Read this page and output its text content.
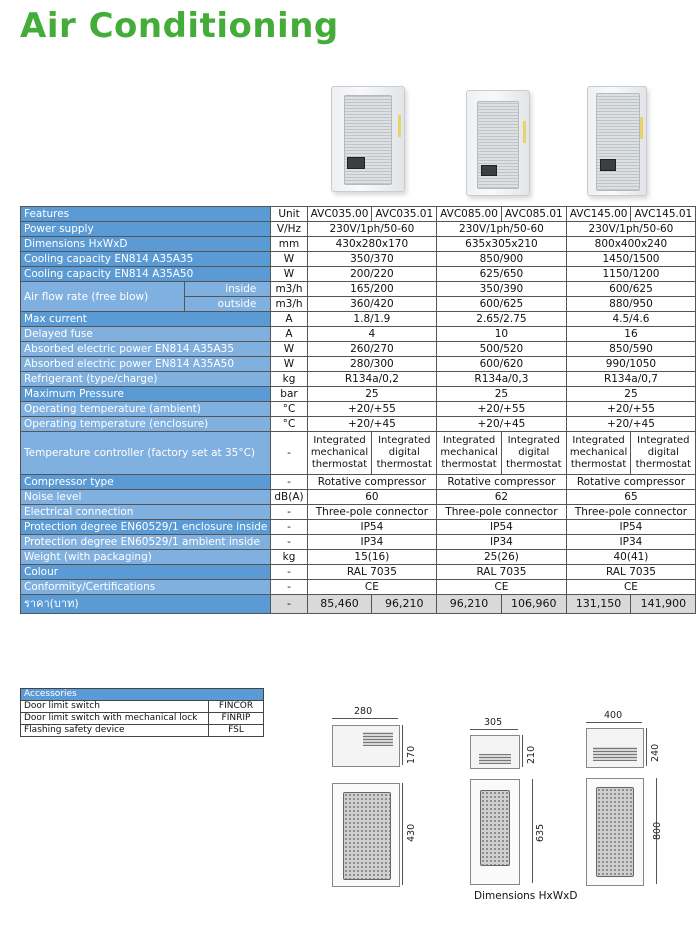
Air Conditioning
Features		Unit	AVC035.00	AVC035.01	AVC085.00	AVC085.01	AVC145.00	AVC145.01
Power supply		V/Hz	230V/1ph/50-60		230V/1ph/50-60		230V/1ph/50-60	
Dimensions HxWxD		mm	430x280x170		635x305x210		800x400x240	
Cooling capacity EN814 A35A35		W	350/370		850/900		1450/1500	
Cooling capacity EN814 A35A50		W	200/220		625/650		1150/1200	
Air flow rate (free blow)	inside	m3/h	165/200		350/390		600/625	
	outside	m3/h	360/420		600/625		880/950	
Max current		A	1.8/1.9		2.65/2.75		4.5/4.6	
Delayed fuse		A	4		10		16	
Absorbed electric power EN814 A35A35		W	260/270		500/520		850/590	
Absorbed electric power EN814 A35A50		W	280/300		600/620		990/1050	
Refrigerant (type/charge)		kg	R134a/0,2		R134a/0,3		R134a/0,7	
Maximum Pressure		bar	25		25		25	
Operating temperature (ambient)		°C	+20/+55		+20/+55		+20/+55	
Operating temperature (enclosure)		°C	+20/+45		+20/+45		+20/+45	
Temperature controller (factory set at 35°C)		-	Integrated mechanical thermostat	Integrated digital thermostat	Integrated mechanical thermostat	Integrated digital thermostat	Integrated mechanical thermostat	Integrated digital thermostat
Compressor type		-	Rotative compressor		Rotative compressor		Rotative compressor	
Noise level		dB(A)	60		62		65	
Electrical connection		-	Three-pole connector		Three-pole connector		Three-pole connector	
Protection degree EN60529/1 enclosure inside		-	IP54		IP54		IP54	
Protection degree EN60529/1 ambient inside		-	IP34		IP34		IP34	
Weight (with packaging)		kg	15(16)		25(26)		40(41)	
Colour		-	RAL 7035		RAL 7035		RAL 7035	
Conformity/Certifications		-	CE		CE		CE	
ราคา(บาท)		-	85,460	96,210	96,210	106,960	131,150	141,900
Accessories	
Door limit switch	FINCOR
Door limit switch with mechanical lock	FINRIP
Flashing safety device	FSL
280
170
430
305
210
635
400
240
800
Dimensions HxWxD
